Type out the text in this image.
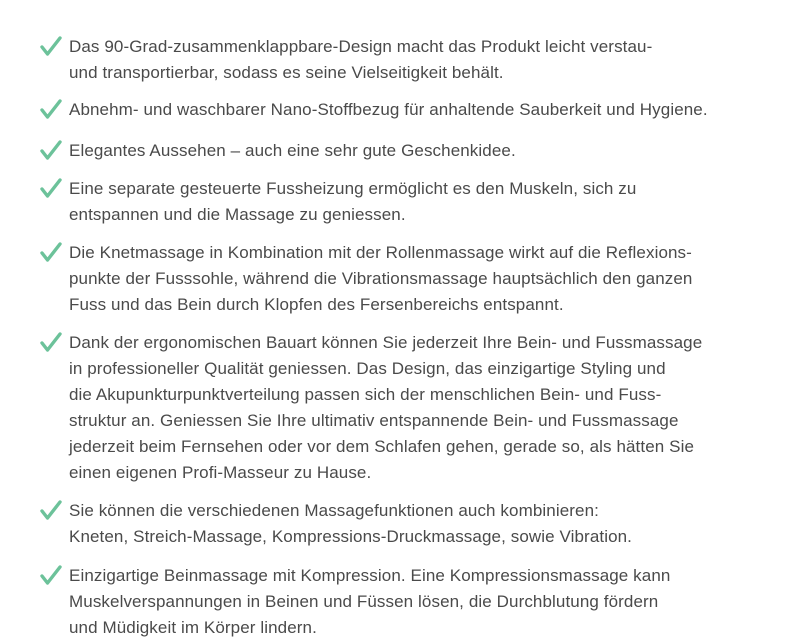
Das 90-Grad-zusammenklappbare-Design macht das Produkt leicht verstau-
und transportierbar, sodass es seine Vielseitigkeit behält.
Abnehm- und waschbarer Nano-Stoffbezug für anhaltende Sauberkeit und Hygiene.
Elegantes Aussehen – auch eine sehr gute Geschenkidee.
Eine separate gesteuerte Fussheizung ermöglicht es den Muskeln, sich zu
entspannen und die Massage zu geniessen.
Die Knetmassage in Kombination mit der Rollenmassage wirkt auf die Reflexions-
punkte der Fusssohle, während die Vibrationsmassage hauptsächlich den ganzen
Fuss und das Bein durch Klopfen des Fersenbereichs entspannt.
Dank der ergonomischen Bauart können Sie jederzeit Ihre Bein- und Fussmassage
in professioneller Qualität geniessen. Das Design, das einzigartige Styling und
die Akupunkturpunktverteilung passen sich der menschlichen Bein- und Fuss-
struktur an. Geniessen Sie Ihre ultimativ entspannende Bein- und Fussmassage
jederzeit beim Fernsehen oder vor dem Schlafen gehen, gerade so, als hätten Sie
einen eigenen Profi-Masseur zu Hause.
Sie können die verschiedenen Massagefunktionen auch kombinieren:
Kneten, Streich-Massage, Kompressions-Druckmassage, sowie Vibration.
Einzigartige Beinmassage mit Kompression. Eine Kompressionsmassage kann
Muskelverspannungen in Beinen und Füssen lösen, die Durchblutung fördern
und Müdigkeit im Körper lindern.
